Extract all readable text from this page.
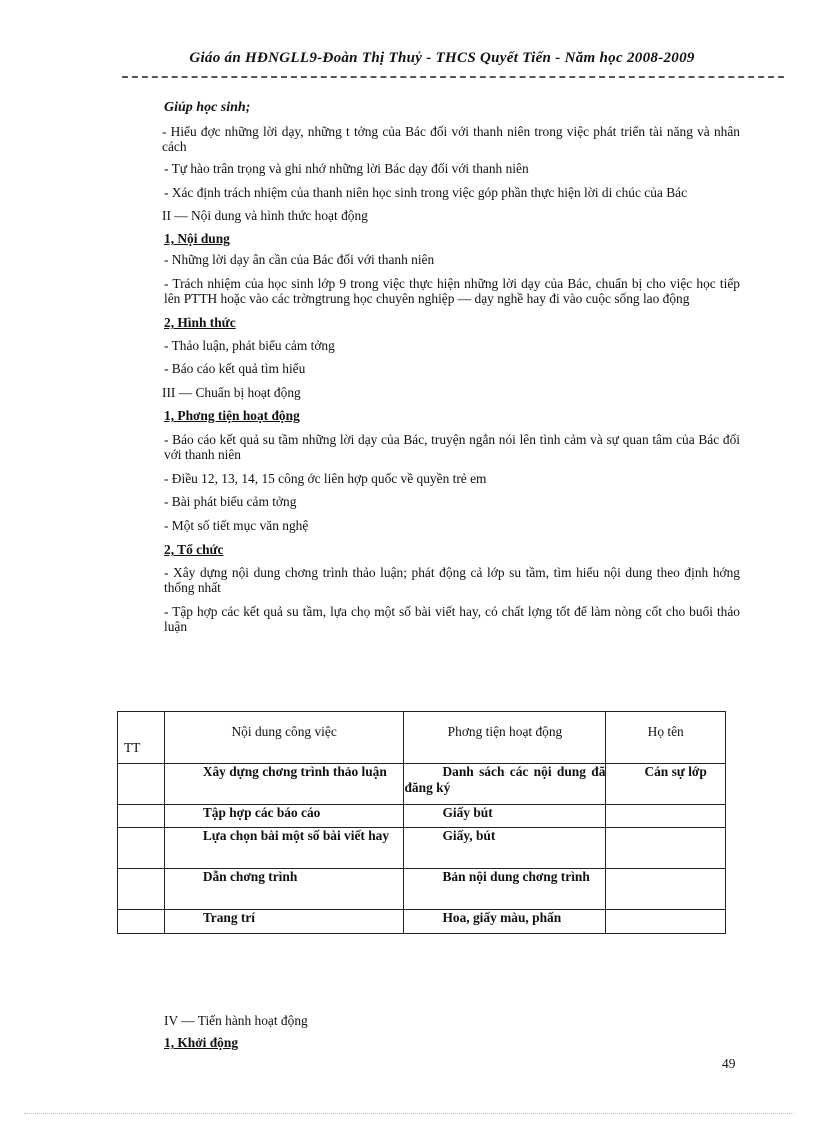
Giáo án HĐNGLL9-Đoàn Thị Thuỷ - THCS Quyết Tiến - Năm học 2008-2009

Giúp học sinh;

- Hiểu đợc những lời dạy, những t tởng của Bác đối với thanh niên trong việc phát triển tài năng và nhân cách

- Tự hào trân trọng và ghi nhớ những lời Bác dạy đối với thanh niên

- Xác định trách nhiệm của thanh niên học sinh trong việc góp phần thực hiện lời di chúc của Bác

II — Nội dung và hình thức hoạt động

1, Nội dung

- Những lời dạy ân cần của Bác đối với thanh niên

- Trách nhiệm của học sinh lớp 9 trong việc thực hiện những lời dạy của Bác, chuẩn bị cho việc học tiếp lên PTTH hoặc vào các trờngtrung học chuyên nghiệp — dạy nghề hay đi vào cuộc sống lao động

2, Hình thức

- Thảo luận, phát biểu cảm tởng

- Báo cáo kết quả tìm hiểu

III — Chuẩn bị hoạt động

1, Phơng tiện hoạt động

- Báo cáo kết quả su tầm những lời dạy của Bác, truyện ngắn nói lên tình cảm và sự quan tâm của Bác đối với thanh niên

- Điều 12, 13, 14, 15 công ớc liên hợp quốc về quyền trẻ em

- Bài phát biểu cảm tởng

- Một số tiết mục văn nghệ

2, Tổ chức

- Xây dựng nội dung chơng trình thảo luận; phát động cả lớp su tầm, tìm hiểu nội dung theo định hớng thống nhất

- Tập hợp các kết quả su tầm, lựa chọ một số bài viết hay, có chất lợng tốt để làm nòng cốt cho buổi thảo luận

TT	Nội dung công việc	Phơng tiện hoạt động	Họ tên

	Xây dựng chơng trình thảo luận	Danh sách các nội dung đã đăng ký	Cán sự lớp
	Tập hợp các báo cáo	Giấy bút	
	Lựa chọn bài một số bài viết hay	Giấy, bút	
	Dẫn chơng trình	Bản nội dung chơng trình	
	Trang trí	Hoa, giấy màu, phấn	
IV — Tiến hành hoạt động
1, Khởi động
49
